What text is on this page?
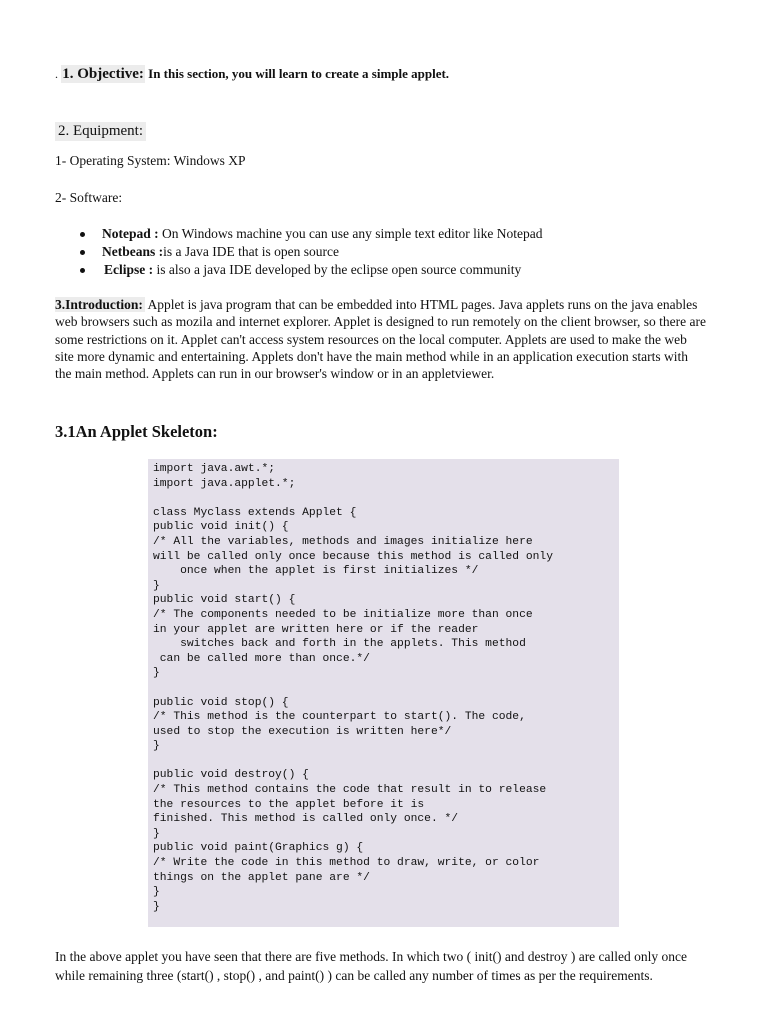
. 1. Objective: In this section, you will learn to create a simple applet.
2. Equipment:
1- Operating System: Windows XP
2- Software:
Notepad : On Windows machine you can use any simple text editor like Notepad
Netbeans :is a Java IDE that is open source
Eclipse : is also a java IDE developed by the eclipse open source community
3.Introduction: Applet is java program that can be embedded into HTML pages. Java applets runs on the java enables web browsers such as mozila and internet explorer. Applet is designed to run remotely on the client browser, so there are some restrictions on it. Applet can't access system resources on the local computer. Applets are used to make the web site more dynamic and entertaining. Applets don't have the main method while in an application execution starts with the main method. Applets can run in our browser's window or in an appletviewer.
3.1An Applet Skeleton:
import java.awt.*;
import java.applet.*;

class Myclass extends Applet {
public void init() {
/* All the variables, methods and images initialize here
will be called only once because this method is called only
once when the applet is first initializes */
}
public void start() {
/* The components needed to be initialize more than once
in your applet are written here or if the reader
switches back and forth in the applets. This method
can be called more than once.*/
}

public void stop() {
/* This method is the counterpart to start(). The code,
used to stop the execution is written here*/
}

public void destroy() {
/* This method contains the code that result in to release
the resources to the applet before it is
finished. This method is called only once. */
}
public void paint(Graphics g) {
/* Write the code in this method to draw, write, or color
things on the applet pane are */
}
}
In the above applet you have seen that there are five methods. In which two ( init() and destroy ) are called only once while remaining three (start() , stop() , and paint() ) can be called any number of times as per the requirements.
